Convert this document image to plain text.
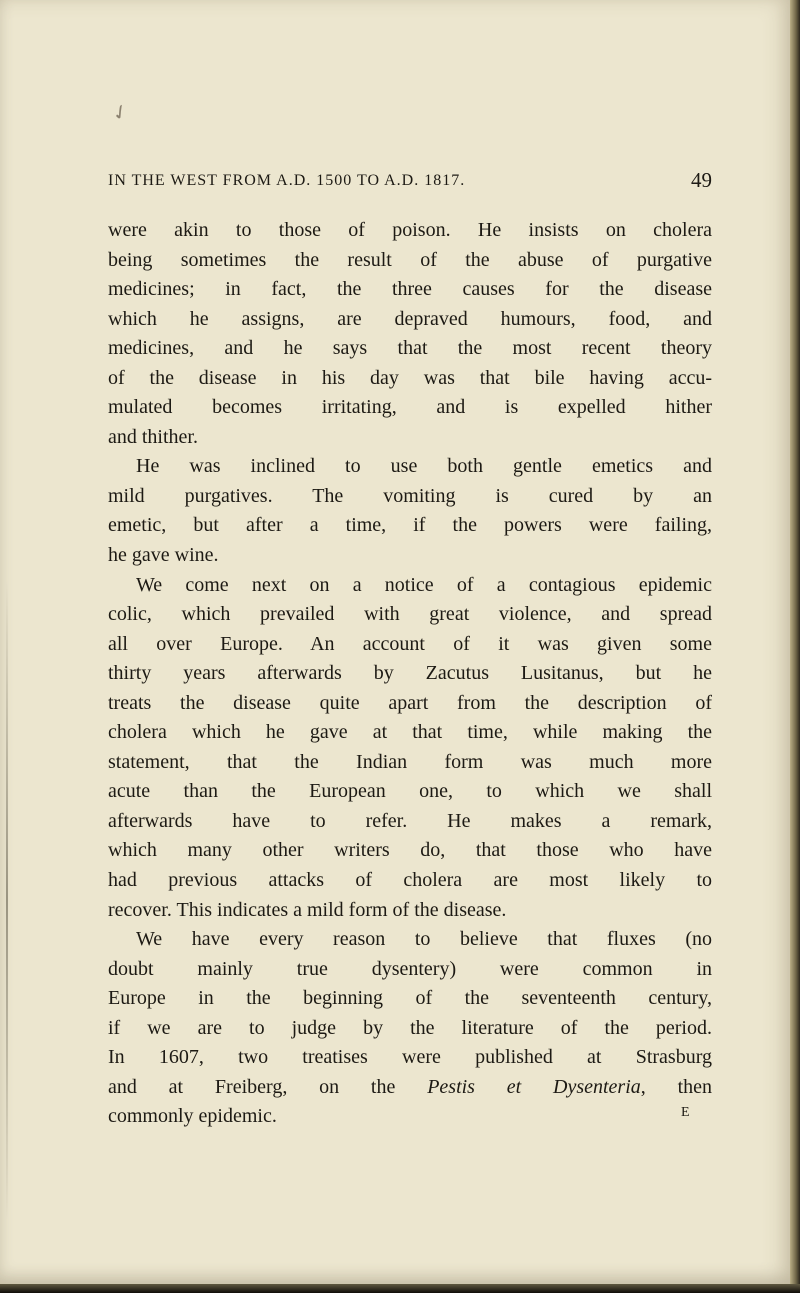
✓
IN THE WEST FROM A.D. 1500 TO A.D. 1817.	49
were akin to those of poison. He insists on cholera
being sometimes the result of the abuse of purgative
medicines; in fact, the three causes for the disease
which he assigns, are depraved humours, food, and
medicines, and he says that the most recent theory
of the disease in his day was that bile having accu-
mulated becomes irritating, and is expelled hither
and thither.
He was inclined to use both gentle emetics and
mild purgatives. The vomiting is cured by an
emetic, but after a time, if the powers were failing,
he gave wine.
We come next on a notice of a contagious epidemic
colic, which prevailed with great violence, and spread
all over Europe. An account of it was given some
thirty years afterwards by Zacutus Lusitanus, but he
treats the disease quite apart from the description of
cholera which he gave at that time, while making the
statement, that the Indian form was much more
acute than the European one, to which we shall
afterwards have to refer. He makes a remark,
which many other writers do, that those who have
had previous attacks of cholera are most likely to
recover. This indicates a mild form of the disease.
We have every reason to believe that fluxes (no
doubt mainly true dysentery) were common in
Europe in the beginning of the seventeenth century,
if we are to judge by the literature of the period.
In 1607, two treatises were published at Strasburg
and at Freiberg, on the Pestis et Dysenteria, then
commonly epidemic.	E
